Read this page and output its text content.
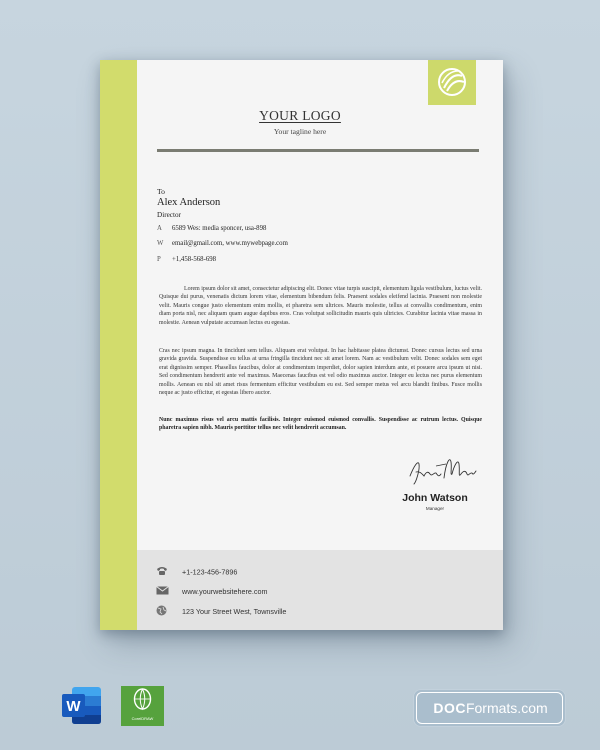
YOUR LOGO
Your tagline here
To
Alex Anderson
Director
A 6589 Wes: media sponcer, usa-898
W email@gmail.com, www.mywebpage.com
P +1,458-568-698

Lorem ipsum dolor sit amet, consectetur adipiscing elit. Donec vitae turpis suscipit, elementum ligula vestibulum, luctus velit. Quisque dui purus, venenatis dictum lorem vitae, elementum bibendum felis. Praesent sodales eleifend lacinia. Praesent non molestie velit. Mauris congue justo elementum enim mollis, et pharetra sem ultrices. Mauris molestie, tellus at convallis condimentum, enim diam porta nisl, nec aliquam quam augue dapibus eros. Cras volutpat sollicitudin mauris quis ultricies. Curabitur lacinia vitae massa in molestie. Aenean vulputate accumsan lectus eu egestas.

Cras nec ipsum magna. In tincidunt sem tellus. Aliquam erat volutpat. In hac habitasse platea dictumst. Donec cursus lectus sed urna gravida gravida. Suspendisse eu tellus at urna fringilla tincidunt nec sit amet lorem. Nam ac vestibulum velit. Donec sodales sem eget erat dignissim semper. Phasellus faucibus, dolor at condimentum imperdiet, dolor sapien interdum ante, et posuere arcu ipsum ut nisi. Sed condimentum hendrerit ante vel maximus. Maecenas faucibus est vel odio maximus auctor. Integer eu lectus nec purus elementum mollis. Aenean eu nisl sit amet risus fermentum efficitur vestibulum eu est. Sed semper metus vel arcu blandit finibus. Fusce mollis neque ac justo efficitur, et egestas libero auctor.

Nunc maximus risus vel arcu mattis facilisis. Integer euismod euismod convallis. Suspendisse ac rutrum lectus. Quisque pharetra sapien nibh. Mauris porttitor tellus nec velit hendrerit accumsan.

John Watson
Manager
+1-123-456-7896
www.yourwebsitehere.com
123 Your Street West, Townsville
W
CorelDRAW
DOCFormats.com
